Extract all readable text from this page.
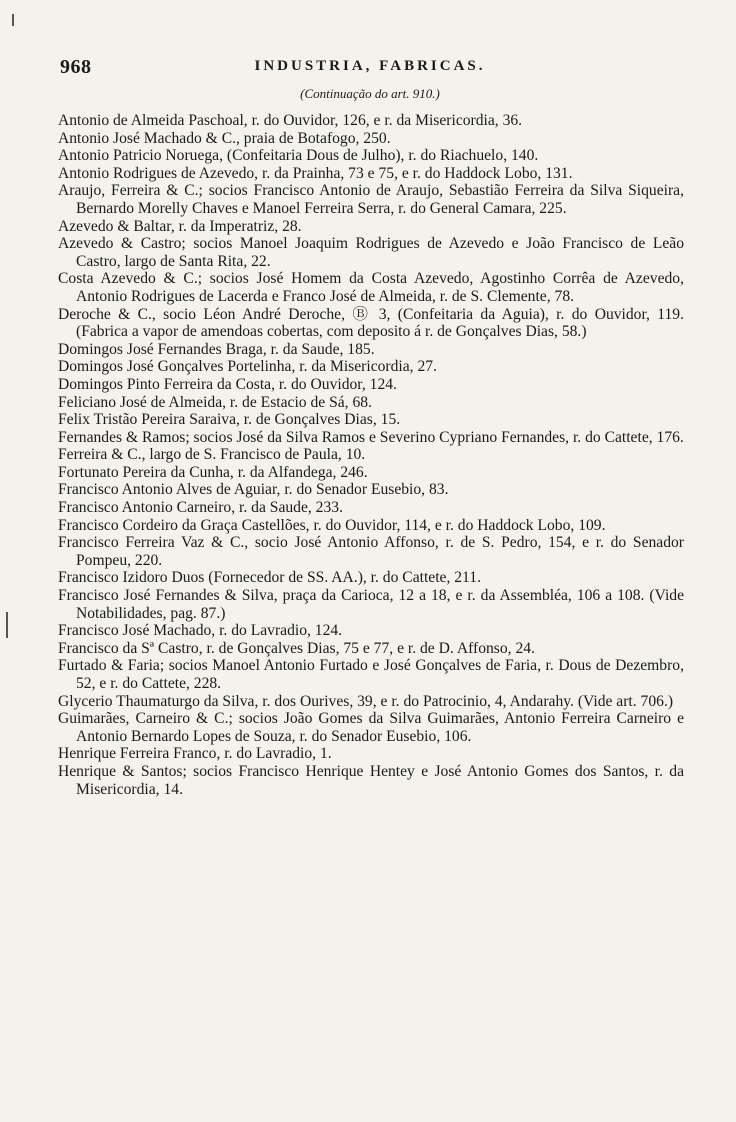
968	INDUSTRIA, FABRICAS.
(Continuação do art. 910.)

Antonio de Almeida Paschoal, r. do Ouvidor, 126, e r. da Misericordia, 36.

Antonio José Machado & C., praia de Botafogo, 250.

Antonio Patricio Noruega, (Confeitaria Dous de Julho), r. do Riachuelo, 140.

Antonio Rodrigues de Azevedo, r. da Prainha, 73 e 75, e r. do Haddock Lobo, 131.

Araujo, Ferreira & C.; socios Francisco Antonio de Araujo, Sebastião Ferreira da Silva Siqueira, Bernardo Morelly Chaves e Manoel Ferreira Serra, r. do General Camara, 225.

Azevedo & Baltar, r. da Imperatriz, 28.

Azevedo & Castro; socios Manoel Joaquim Rodrigues de Azevedo e João Francisco de Leão Castro, largo de Santa Rita, 22.

Costa Azevedo & C.; socios José Homem da Costa Azevedo, Agostinho Corrêa de Azevedo, Antonio Rodrigues de Lacerda e Franco José de Almeida, r. de S. Clemente, 78.

Deroche & C., socio Léon André Deroche, Ⓑ 3, (Confeitaria da Aguia), r. do Ouvidor, 119. (Fabrica a vapor de amendoas cobertas, com deposito á r. de Gonçalves Dias, 58.)

Domingos José Fernandes Braga, r. da Saude, 185.

Domingos José Gonçalves Portelinha, r. da Misericordia, 27.

Domingos Pinto Ferreira da Costa, r. do Ouvidor, 124.

Feliciano José de Almeida, r. de Estacio de Sá, 68.

Felix Tristão Pereira Saraiva, r. de Gonçalves Dias, 15.

Fernandes & Ramos; socios José da Silva Ramos e Severino Cypriano Fernandes, r. do Cattete, 176.

Ferreira & C., largo de S. Francisco de Paula, 10.

Fortunato Pereira da Cunha, r. da Alfandega, 246.

Francisco Antonio Alves de Aguiar, r. do Senador Eusebio, 83.

Francisco Antonio Carneiro, r. da Saude, 233.

Francisco Cordeiro da Graça Castellões, r. do Ouvidor, 114, e r. do Haddock Lobo, 109.

Francisco Ferreira Vaz & C., socio José Antonio Affonso, r. de S. Pedro, 154, e r. do Senador Pompeu, 220.

Francisco Izidoro Duos (Fornecedor de SS. AA.), r. do Cattete, 211.

Francisco José Fernandes & Silva, praça da Carioca, 12 a 18, e r. da Assembléa, 106 a 108. (Vide Notabilidades, pag. 87.)

Francisco José Machado, r. do Lavradio, 124.

Francisco da Sª Castro, r. de Gonçalves Dias, 75 e 77, e r. de D. Affonso, 24.

Furtado & Faria; socios Manoel Antonio Furtado e José Gonçalves de Faria, r. Dous de Dezembro, 52, e r. do Cattete, 228.

Glycerio Thaumaturgo da Silva, r. dos Ourives, 39, e r. do Patrocinio, 4, Andarahy. (Vide art. 706.)

Guimarães, Carneiro & C.; socios João Gomes da Silva Guimarães, Antonio Ferreira Carneiro e Antonio Bernardo Lopes de Souza, r. do Senador Eusebio, 106.

Henrique Ferreira Franco, r. do Lavradio, 1.

Henrique & Santos; socios Francisco Henrique Hentey e José Antonio Gomes dos Santos, r. da Misericordia, 14.
